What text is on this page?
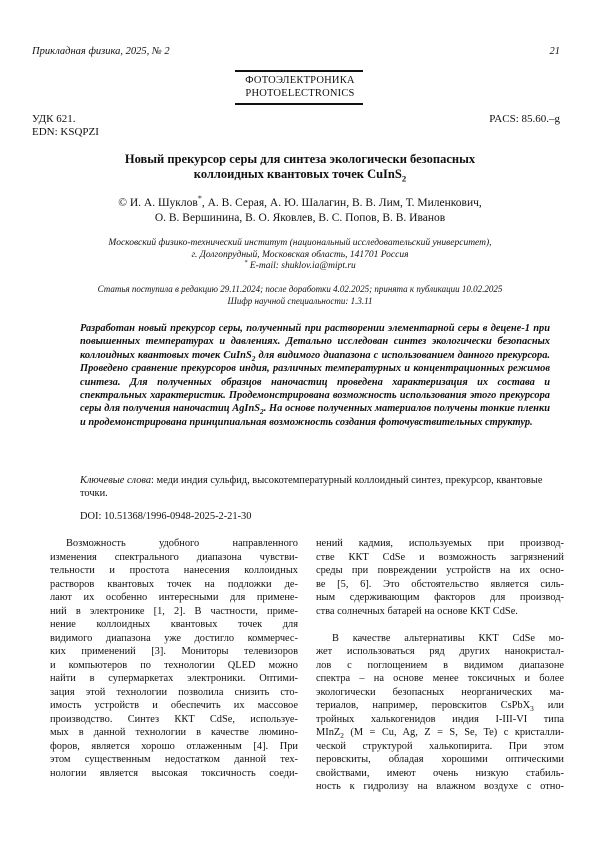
Прикладная физика, 2025, № 2	21
ФОТОЭЛЕКТРОНИКА
PHOTOELECTRONICS
УДК 621.
EDN: KSQPZI
PACS: 85.60.–g
Новый прекурсор серы для синтеза экологически безопасных
коллоидных квантовых точек CuInS$_2$
© И. А. Шуклов*, А. В. Серая, А. Ю. Шалагин, В. В. Лим, Т. Миленкович,
О. В. Вершинина, В. О. Яковлев, В. С. Попов, В. В. Иванов
Московский физико-технический институт (национальный исследовательский университет),
г. Долгопрудный, Московская область, 141701 Россия
* E-mail: shuklov.ia@mipt.ru
Статья поступила в редакцию 29.11.2024; после доработки 4.02.2025; принята к публикации 10.02.2025
Шифр научной специальности: 1.3.11
Разработан новый прекурсор серы, полученный при растворении элементарной серы в децене-1 при повышенных температурах и давлениях. Детально исследован синтез экологически безопасных коллоидных квантовых точек CuInS$_2$ для видимого диапазона с использованием данного прекурсора. Проведено сравнение прекурсоров индия, различных температурных и концентрационных режимов синтеза. Для полученных образцов наночастиц проведена характеризация их состава и спектральных характеристик. Продемонстрирована возможность использования этого прекурсора серы для получения наночастиц AgInS$_2$. На основе полученных материалов получены тонкие пленки и продемонстрирована принципиальная возможность создания фоточувствительных структур.
Ключевые слова: меди индия сульфид, высокотемпературный коллоидный синтез, прекурсор, квантовые точки.
DOI: 10.51368/1996-0948-2025-2-21-30
Возможность удобного направленного
изменения спектрального диапазона чувстви-
тельности и простота нанесения коллоидных
растворов квантовых точек на подложки де-
лают их особенно интересными для примене-
ний в электронике [1, 2]. В частности, приме-
нение коллоидных квантовых точек для
видимого диапазона уже достигло коммерчес-
ких применений [3]. Мониторы телевизоров
и компьютеров по технологии QLED можно
найти в супермаркетах электроники. Оптими-
зация этой технологии позволила снизить сто-
имость устройств и обеспечить их массовое
производство. Синтез ККТ CdSe, используе-
мых в данной технологии в качестве люмино-
форов, является хорошо отлаженным [4]. При
этом существенным недостатком данной тех-
нологии является высокая токсичность соеди-
нений кадмия, используемых при производ-
стве ККТ CdSe и возможность загрязнений
среды при повреждении устройств на их осно-
ве [5, 6]. Это обстоятельство является силь-
ным сдерживающим факторов для производ-
ства солнечных батарей на основе ККТ CdSe.

В качестве альтернативы ККТ CdSe мо-
жет использоваться ряд других нанокристал-
лов с поглощением в видимом диапазоне
спектра – на основе менее токсичных и более
экологически безопасных неорганических ма-
териалов, например, перовскитов CsPbX$_3$ или
тройных халькогенидов индия I-III-VI типа
MInZ$_2$ (M = Cu, Ag, Z = S, Se, Te) с кристалли-
ческой структурой халькопирита. При этом
перовскиты, обладая хорошими оптическими
свойствами, имеют очень низкую стабиль-
ность к гидролизу на влажном воздухе с отно-
